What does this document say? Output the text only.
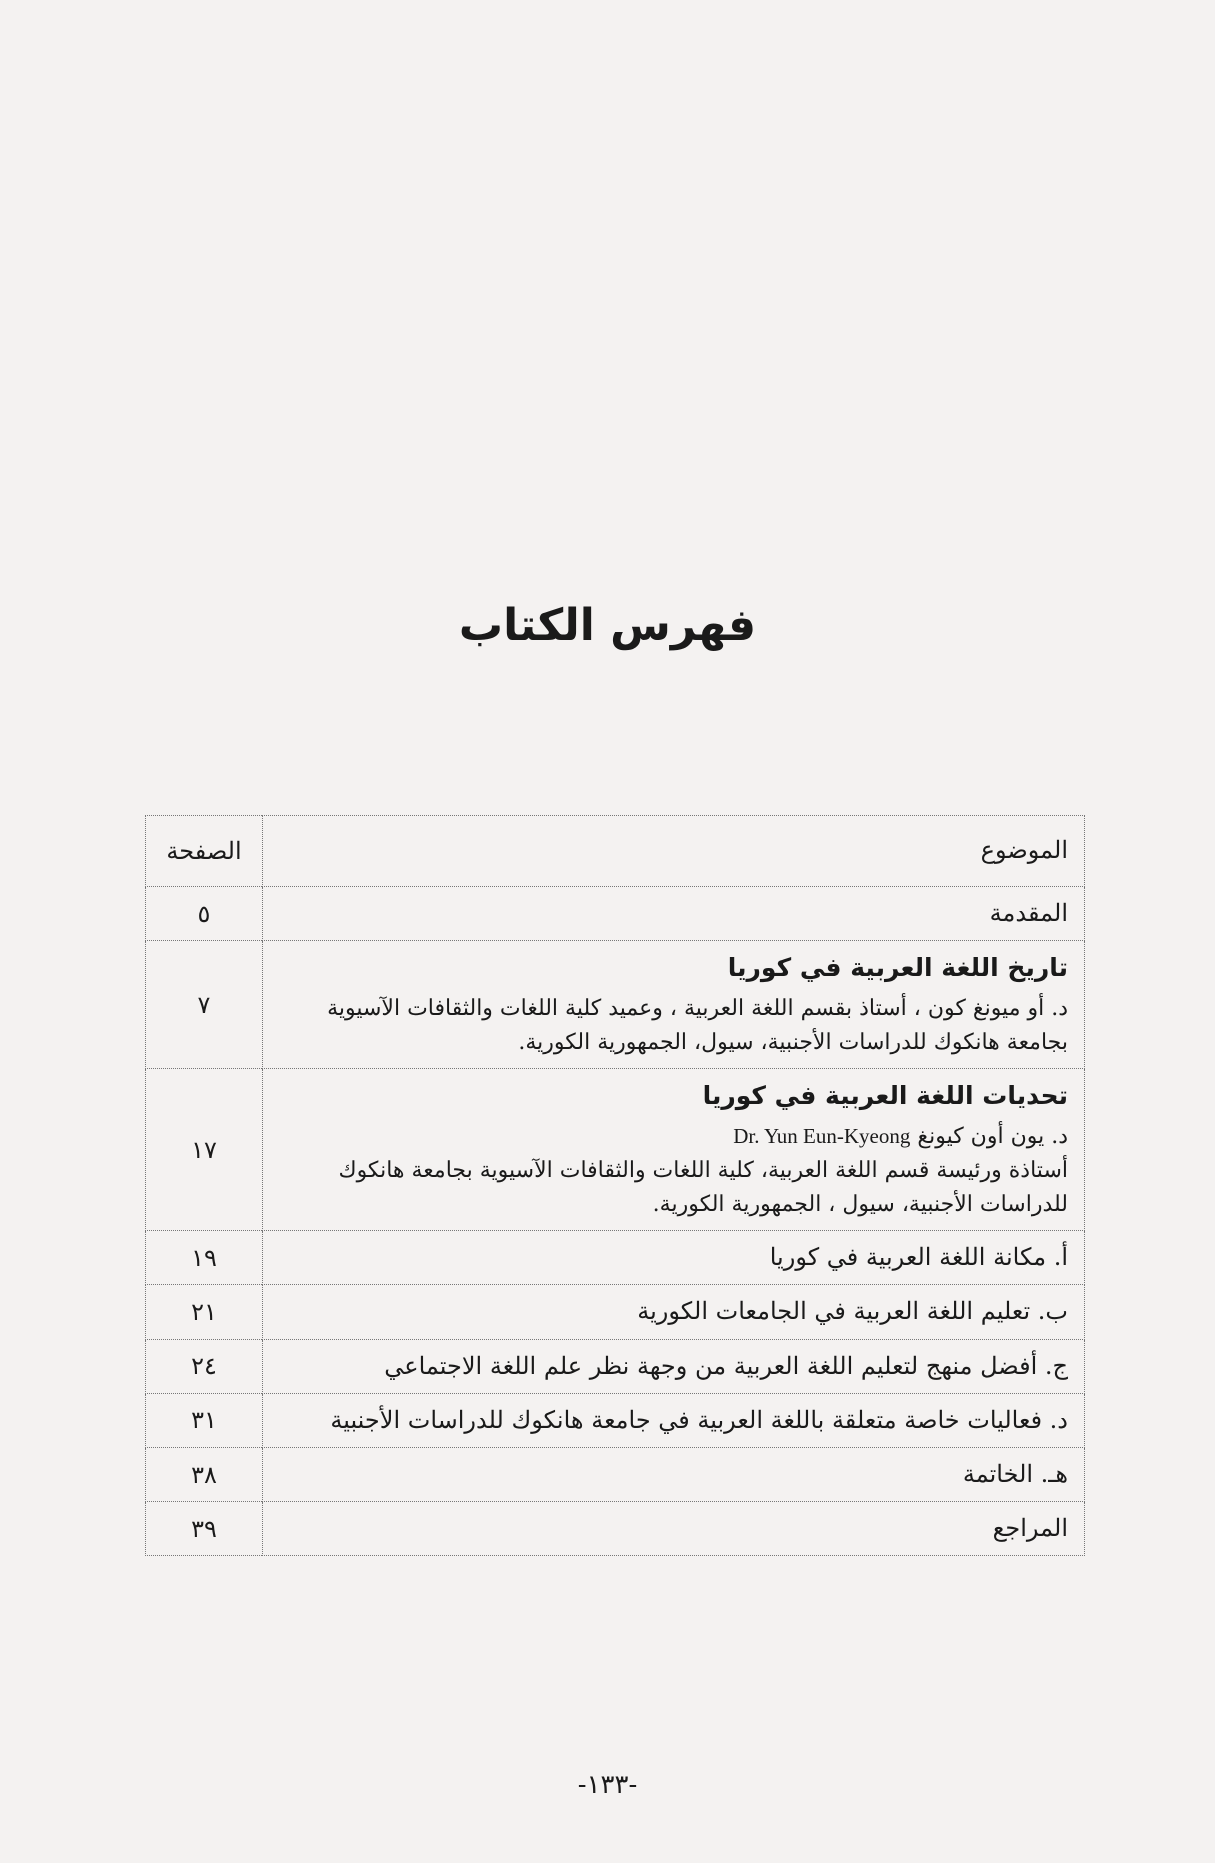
فهرس الكتاب
الموضوع	الصفحة
المقدمة	٥

تاريخ اللغة العربية في كوريا
د. أو ميونغ كون ، أستاذ بقسم اللغة العربية ، وعميد كلية اللغات والثقافات الآسيوية بجامعة هانكوك للدراسات الأجنبية، سيول، الجمهورية الكورية.	٧

تحديات اللغة العربية في كوريا
د. يون أون كيونغ Dr. Yun Eun-Kyeong
أستاذة ورئيسة قسم اللغة العربية، كلية اللغات والثقافات الآسيوية بجامعة هانكوك للدراسات الأجنبية، سيول ، الجمهورية الكورية.	١٧
أ. مكانة اللغة العربية في كوريا	١٩
ب. تعليم اللغة العربية في الجامعات الكورية	٢١
ج. أفضل منهج لتعليم اللغة العربية من وجهة نظر علم اللغة الاجتماعي	٢٤
د. فعاليات خاصة متعلقة باللغة العربية في جامعة هانكوك للدراسات الأجنبية	٣١
هـ. الخاتمة	٣٨
المراجع	٣٩
-١٣٣-
